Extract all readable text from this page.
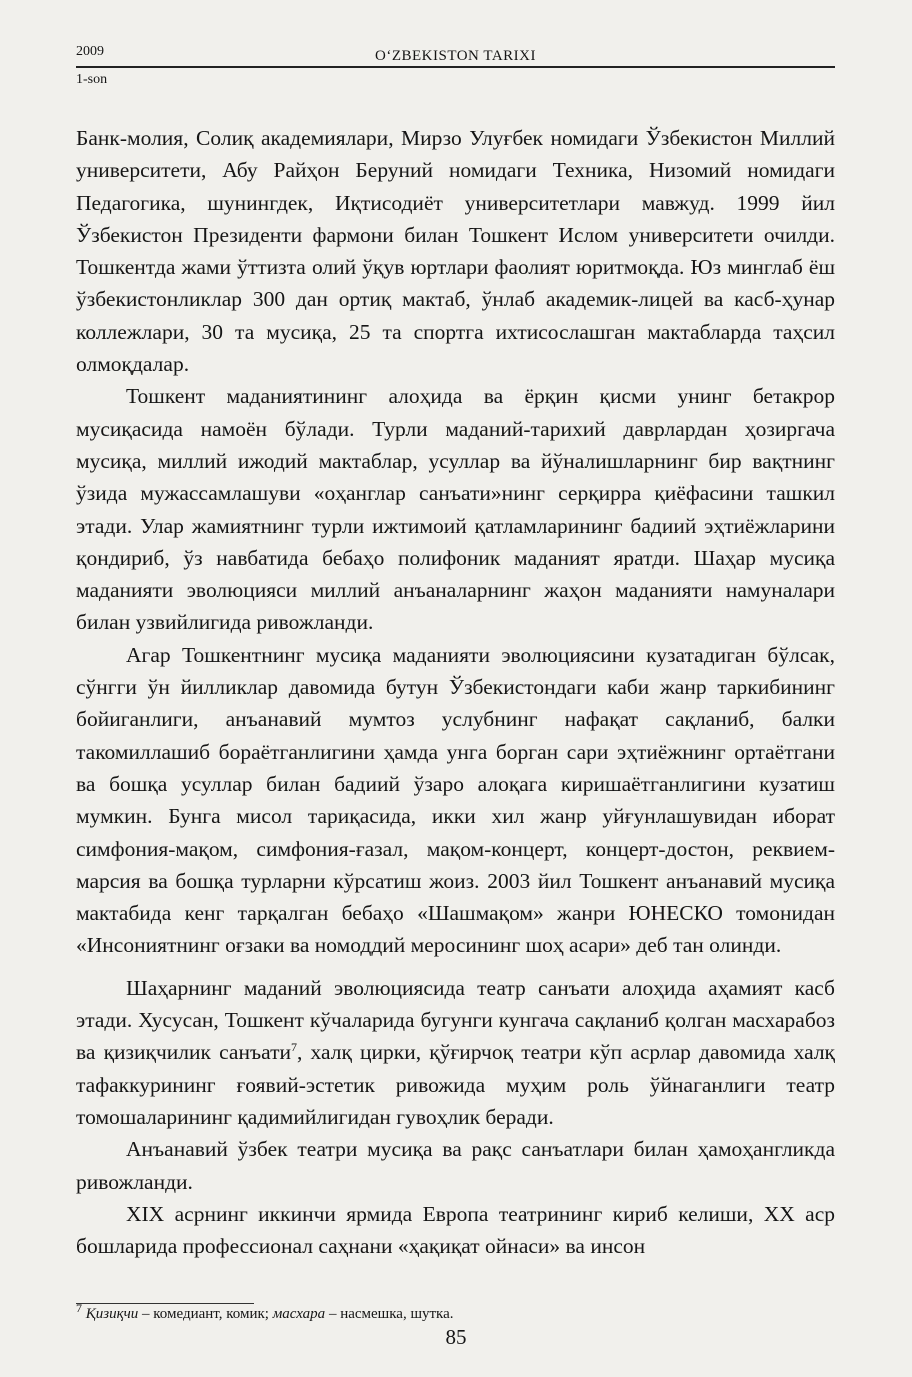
2009
1-son
O‘ZBEKISTON TARIXI

Банк-молия, Солиқ академиялари, Мирзо Улуғбек номидаги Ўзбекистон Миллий университети, Абу Райҳон Беруний номидаги Техника, Низомий номидаги Педагогика, шунингдек, Иқтисодиёт университетлари мавжуд. 1999 йил Ўзбекистон Президенти фармони билан Тошкент Ислом университети очилди. Тошкентда жами ўттизта олий ўқув юртлари фаолият юритмоқда. Юз минглаб ёш ўзбекистонликлар 300 дан ортиқ мактаб, ўнлаб академик-лицей ва касб-ҳунар коллежлари, 30 та мусиқа, 25 та спортга ихтисослашган мактабларда таҳсил олмоқдалар.

Тошкент маданиятининг алоҳида ва ёрқин қисми унинг бетакрор мусиқасида намоён бўлади. Турли маданий-тарихий даврлардан ҳозиргача мусиқа, миллий ижодий мактаблар, усуллар ва йўналишларнинг бир вақтнинг ўзида мужассамлашуви «оҳанглар санъати»нинг серқирра қиёфасини ташкил этади. Улар жамиятнинг турли ижтимоий қатламларининг бадиий эҳтиёжларини қондириб, ўз навбатида бебаҳо полифоник маданият яратди. Шаҳар мусиқа маданияти эволюцияси миллий анъаналарнинг жаҳон маданияти намуналари билан узвийлигида ривожланди.

Агар Тошкентнинг мусиқа маданияти эволюциясини кузатадиган бўлсак, сўнгги ўн йилликлар давомида бутун Ўзбекистондаги каби жанр таркибининг бойиганлиги, анъанавий мумтоз услубнинг нафақат сақланиб, балки такомиллашиб бораётганлигини ҳамда унга борган сари эҳтиёжнинг ортаётгани ва бошқа усуллар билан бадиий ўзаро алоқага киришаётганлигини кузатиш мумкин. Бунга мисол тариқасида, икки хил жанр уйғунлашувидан иборат симфония-мақом, симфония-ғазал, мақом-концерт, концерт-достон, реквием-марсия ва бошқа турларни кўрсатиш жоиз. 2003 йил Тошкент анъанавий мусиқа мактабида кенг тарқалган бебаҳо «Шашмақом» жанри ЮНЕСКО томонидан «Инсониятнинг оғзаки ва номоддий меросининг шоҳ асари» деб тан олинди.

Шаҳарнинг маданий эволюциясида театр санъати алоҳида аҳамият касб этади. Хусусан, Тошкент кўчаларида бугунги кунгача сақланиб қолган масхарабоз ва қизиқчилик санъати$^7$, халқ цирки, қўғирчоқ театри кўп асрлар давомида халқ тафаккурининг ғоявий-эстетик ривожида муҳим роль ўйнаганлиги театр томошаларининг қадимийлигидан гувоҳлик беради.

Анъанавий ўзбек театри мусиқа ва рақс санъатлари билан ҳамоҳангликда ривожланди.

XIX асрнинг иккинчи ярмида Европа театрининг кириб келиши, XX аср бошларида профессионал саҳнани «ҳақиқат ойнаси» ва инсон

$^7$ Қизиқчи – комедиант, комик; масхара – насмешка, шутка.
85
